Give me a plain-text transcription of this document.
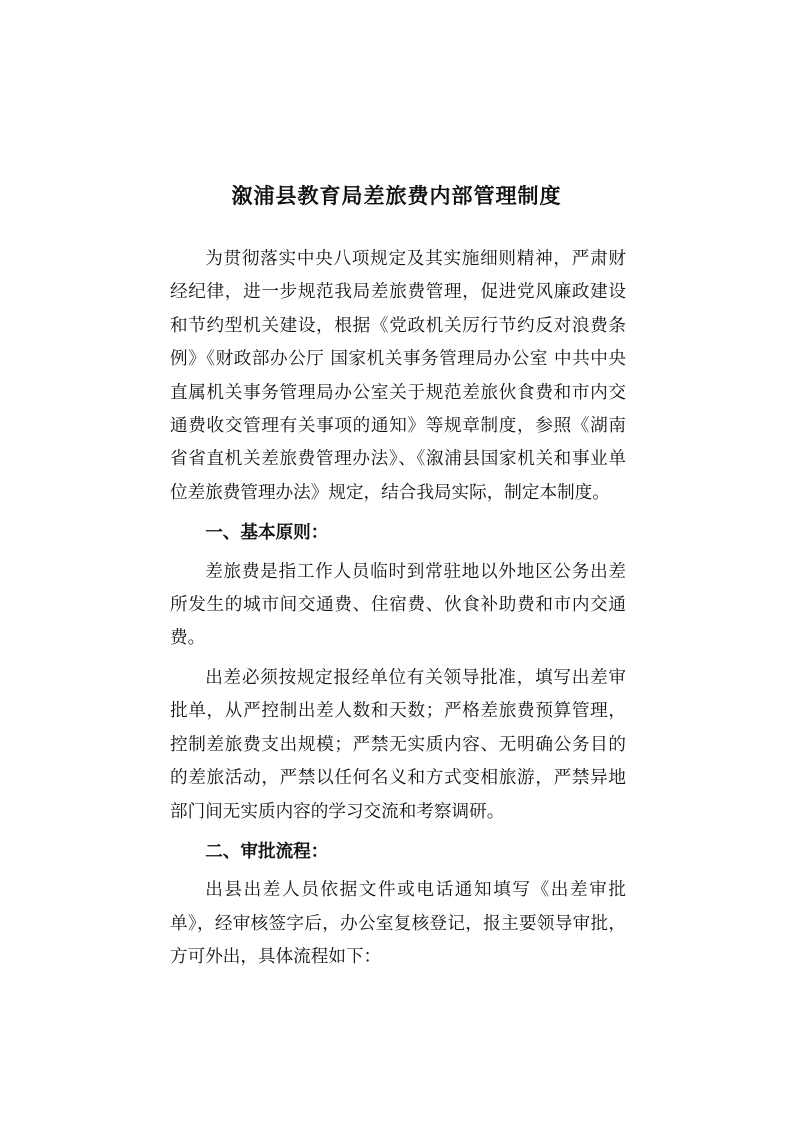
溆浦县教育局差旅费内部管理制度

为贯彻落实中央八项规定及其实施细则精神，严肃财经纪律，进一步规范我局差旅费管理，促进党风廉政建设和节约型机关建设，根据《党政机关厉行节约反对浪费条例》《财政部办公厅 国家机关事务管理局办公室 中共中央直属机关事务管理局办公室关于规范差旅伙食费和市内交通费收交管理有关事项的通知》等规章制度，参照《湖南省省直机关差旅费管理办法》、《溆浦县国家机关和事业单位差旅费管理办法》规定，结合我局实际，制定本制度。

一、基本原则：

差旅费是指工作人员临时到常驻地以外地区公务出差所发生的城市间交通费、住宿费、伙食补助费和市内交通费。

出差必须按规定报经单位有关领导批准，填写出差审批单，从严控制出差人数和天数；严格差旅费预算管理，控制差旅费支出规模；严禁无实质内容、无明确公务目的的差旅活动，严禁以任何名义和方式变相旅游，严禁异地部门间无实质内容的学习交流和考察调研。

二、审批流程：

出县出差人员依据文件或电话通知填写《出差审批单》，经审核签字后，办公室复核登记，报主要领导审批，方可外出，具体流程如下：
